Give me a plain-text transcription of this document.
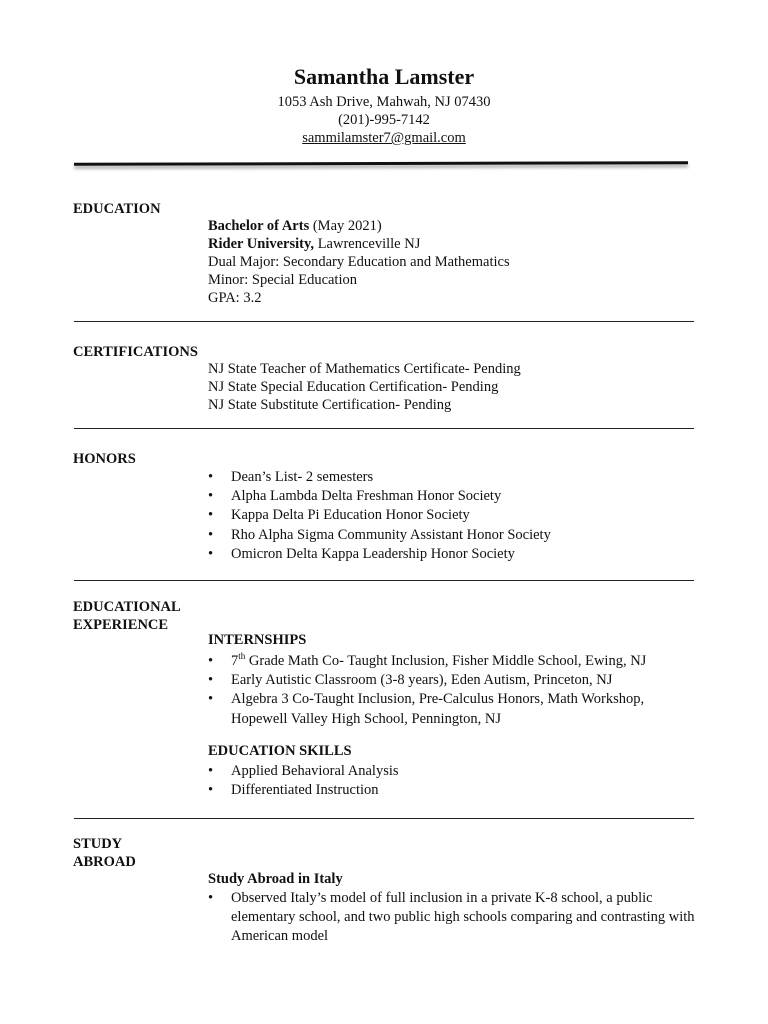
Samantha Lamster
1053 Ash Drive, Mahwah, NJ 07430
(201)-995-7142
sammilamster7@gmail.com
EDUCATION
Bachelor of Arts (May 2021)
Rider University, Lawrenceville NJ
Dual Major: Secondary Education and Mathematics
Minor: Special Education
GPA: 3.2
CERTIFICATIONS
NJ State Teacher of Mathematics Certificate- Pending
NJ State Special Education Certification- Pending
NJ State Substitute Certification- Pending
HONORS
• Dean’s List- 2 semesters
• Alpha Lambda Delta Freshman Honor Society
• Kappa Delta Pi Education Honor Society
• Rho Alpha Sigma Community Assistant Honor Society
• Omicron Delta Kappa Leadership Honor Society
EDUCATIONAL
EXPERIENCE
INTERNSHIPS
• 7th Grade Math Co- Taught Inclusion, Fisher Middle School, Ewing, NJ
• Early Autistic Classroom (3-8 years), Eden Autism, Princeton, NJ
• Algebra 3 Co-Taught Inclusion, Pre-Calculus Honors, Math Workshop, Hopewell Valley High School, Pennington, NJ
EDUCATION SKILLS
• Applied Behavioral Analysis
• Differentiated Instruction
STUDY
ABROAD
Study Abroad in Italy
• Observed Italy’s model of full inclusion in a private K-8 school, a public elementary school, and two public high schools comparing and contrasting with American model
